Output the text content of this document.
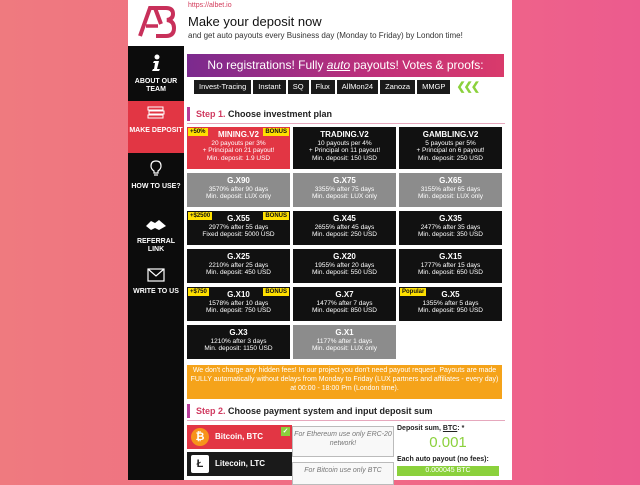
ABOUT OUR TEAM
MAKE DEPOSIT
HOW TO USE?
REFERRAL LINK
WRITE TO US
https://albet.io
Make your deposit now
and get auto payouts every Business day (Monday to Friday) by London time!
No registrations! Fully auto payouts! Votes & proofs:
Invest-Tracing	Instant	SQ	Flux	AllMon24	Zanoza	MMGP	❮❮❮
Step 1. Choose investment plan
+50%	BONUS
MINING.V2
20 payouts per 3%
+ Principal on 21 payout!
Min. deposit: 1.9 USD
TRADING.V2
10 payouts per 4%
+ Principal on 11 payout!
Min. deposit: 150 USD
GAMBLING.V2
5 payouts per 5%
+ Principal on 6 payout!
Min. deposit: 250 USD
G.X90
3570% after 90 days
Min. deposit: LUX only
G.X75
3355% after 75 days
Min. deposit: LUX only
G.X65
3155% after 65 days
Min. deposit: LUX only
+$2500	BONUS
G.X55
2977% after 55 days
Fixed deposit: 5000 USD
G.X45
2655% after 45 days
Min. deposit: 250 USD
G.X35
2477% after 35 days
Min. deposit: 350 USD
G.X25
2210% after 25 days
Min. deposit: 450 USD
G.X20
1955% after 20 days
Min. deposit: 550 USD
G.X15
1777% after 15 days
Min. deposit: 650 USD
+$750	BONUS
G.X10
1578% after 10 days
Min. deposit: 750 USD
G.X7
1477% after 7 days
Min. deposit: 850 USD
Popular	G.X5
1355% after 5 days
Min. deposit: 950 USD
G.X3
1210% after 3 days
Min. deposit: 1150 USD
G.X1
1177% after 1 days
Min. deposit: LUX only
We don't charge any hidden fees! In our project you don't need payout request. Payouts are made FULLY automatically without delays from Monday to Friday (LUX partners and affiliates - every day) at 00:00 - 18:00 Pm (London time).
Step 2. Choose payment system and input deposit sum
₿	Bitcoin, BTC
✓
Ł	Litecoin, LTC
For Ethereum use only ERC-20 network!
For Bitcoin use only BTC
Deposit sum, BTC: *
0.001
Each auto payout (no fees):
0.000045 BTC
